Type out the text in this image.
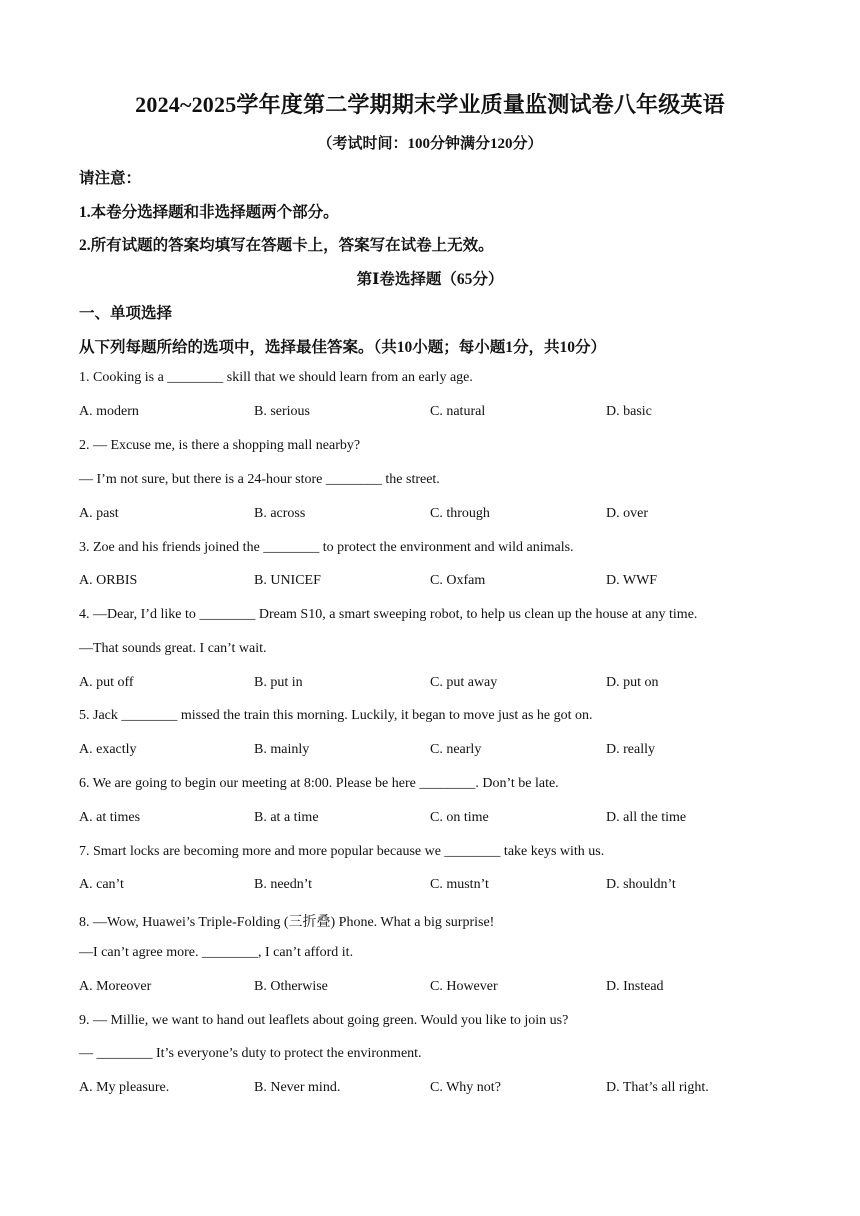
2024~2025学年度第二学期期末学业质量监测试卷八年级英语
（考试时间：100分钟满分120分）
请注意：
1.本卷分选择题和非选择题两个部分。
2.所有试题的答案均填写在答题卡上，答案写在试卷上无效。
第Ⅰ卷选择题（65分）
一、单项选择
从下列每题所给的选项中，选择最佳答案。（共10小题；每小题1分，共10分）
1. Cooking is a ________ skill that we should learn from an early age.
A. modern	B. serious	C. natural	D. basic
2. — Excuse me, is there a shopping mall nearby?
— I’m not sure, but there is a 24-hour store ________ the street.
A. past	B. across	C. through	D. over
3. Zoe and his friends joined the ________ to protect the environment and wild animals.
A. ORBIS	B. UNICEF	C. Oxfam	D. WWF
4. —Dear, I’d like to ________ Dream S10, a smart sweeping robot, to help us clean up the house at any time.
—That sounds great. I can’t wait.
A. put off	B. put in	C. put away	D. put on
5. Jack ________ missed the train this morning. Luckily, it began to move just as he got on.
A. exactly	B. mainly	C. nearly	D. really
6. We are going to begin our meeting at 8:00. Please be here ________. Don’t be late.
A. at times	B. at a time	C. on time	D. all the time
7. Smart locks are becoming more and more popular because we ________ take keys with us.
A. can’t	B. needn’t	C. mustn’t	D. shouldn’t
8. —Wow, Huawei’s Triple-Folding (三折叠) Phone. What a big surprise!
—I can’t agree more. ________, I can’t afford it.
A. Moreover	B. Otherwise	C. However	D. Instead
9. — Millie, we want to hand out leaflets about going green. Would you like to join us?
— ________ It’s everyone’s duty to protect the environment.
A. My pleasure.	B. Never mind.	C. Why not?	D. That’s all right.
